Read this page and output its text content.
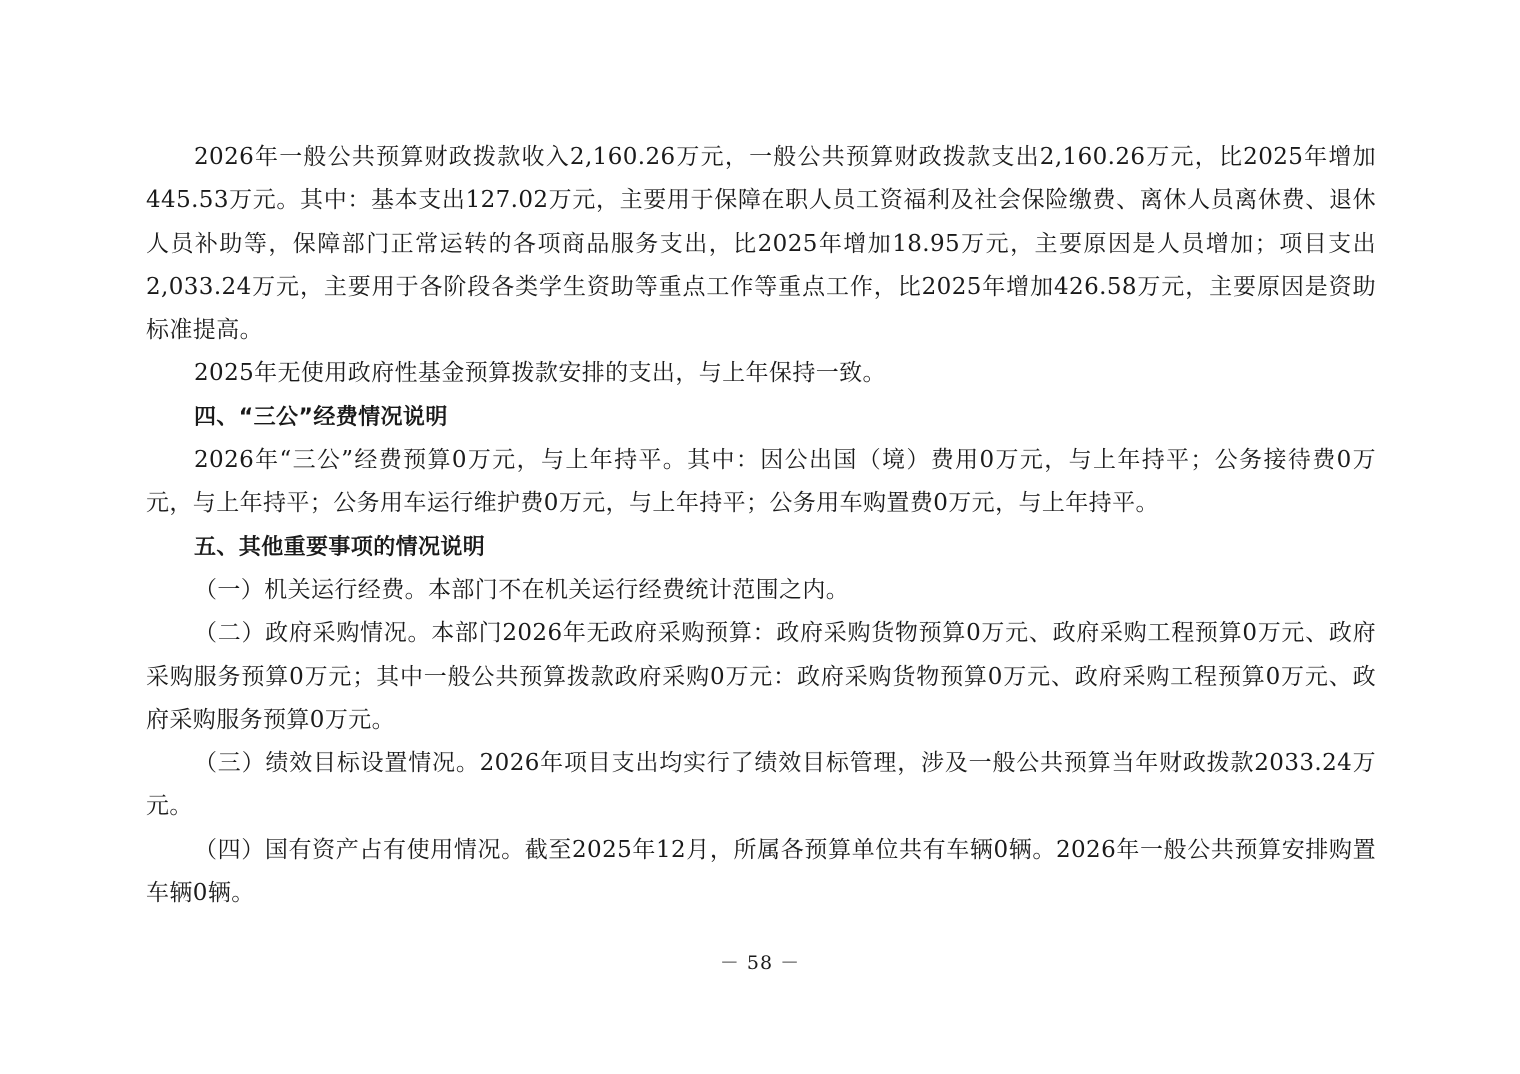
2026年一般公共预算财政拨款收入2,160.26万元，一般公共预算财政拨款支出2,160.26万元，比2025年增加445.53万元。其中：基本支出127.02万元，主要用于保障在职人员工资福利及社会保险缴费、离休人员离休费、退休人员补助等，保障部门正常运转的各项商品服务支出，比2025年增加18.95万元，主要原因是人员增加；项目支出2,033.24万元，主要用于各阶段各类学生资助等重点工作等重点工作，比2025年增加426.58万元，主要原因是资助标准提高。

2025年无使用政府性基金预算拨款安排的支出，与上年保持一致。

四、“三公”经费情况说明

2026年“三公”经费预算0万元，与上年持平。其中：因公出国（境）费用0万元，与上年持平；公务接待费0万元，与上年持平；公务用车运行维护费0万元，与上年持平；公务用车购置费0万元，与上年持平。

五、其他重要事项的情况说明

（一）机关运行经费。本部门不在机关运行经费统计范围之内。

（二）政府采购情况。本部门2026年无政府采购预算：政府采购货物预算0万元、政府采购工程预算0万元、政府采购服务预算0万元；其中一般公共预算拨款政府采购0万元：政府采购货物预算0万元、政府采购工程预算0万元、政府采购服务预算0万元。

（三）绩效目标设置情况。2026年项目支出均实行了绩效目标管理，涉及一般公共预算当年财政拨款2033.24万元。

（四）国有资产占有使用情况。截至2025年12月，所属各预算单位共有车辆0辆。2026年一般公共预算安排购置车辆0辆。

－ 58 －
